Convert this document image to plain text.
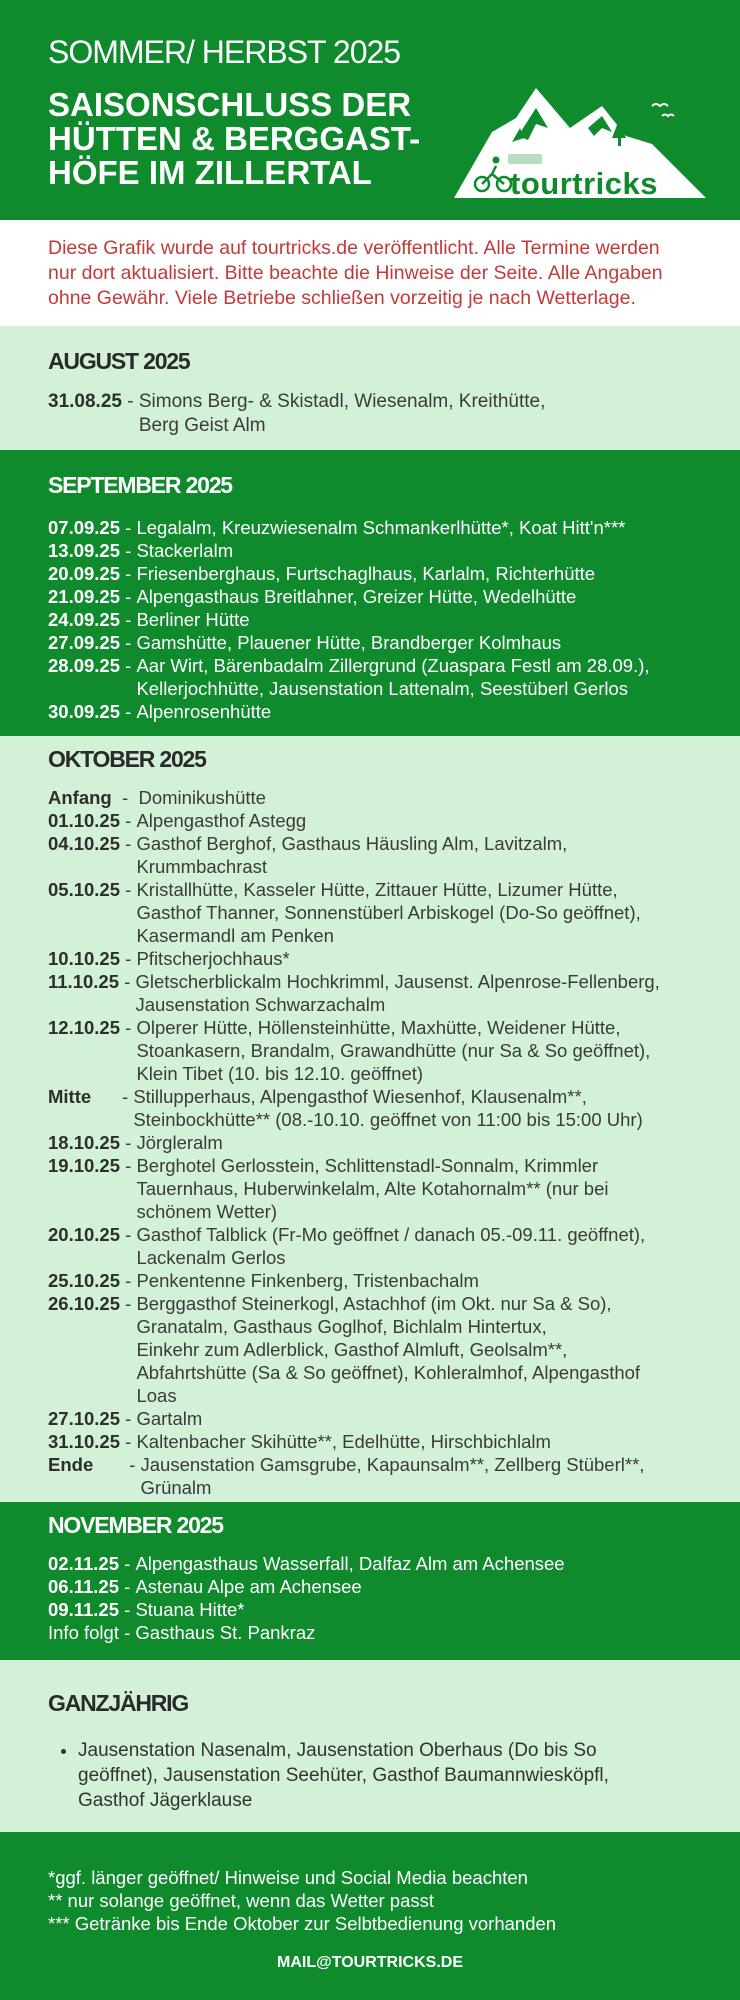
SOMMER/ HERBST 2025
SAISONSCHLUSS DER HÜTTEN & BERGGAST-HÖFE IM ZILLERTAL	tourtricks

Diese Grafik wurde auf tourtricks.de veröffentlicht. Alle Termine werden nur dort aktualisiert. Bitte beachte die Hinweise der Seite. Alle Angaben ohne Gewähr. Viele Betriebe schließen vorzeitig je nach Wetterlage.

AUGUST 2025
31.08.25 - Simons Berg- & Skistadl, Wiesenalm, Kreithütte,
Berg Geist Alm
SEPTEMBER 2025
07.09.25 - Legalalm, Kreuzwiesenalm Schmankerlhütte*, Koat Hitt'n***
13.09.25 - Stackerlalm
20.09.25 - Friesenberghaus, Furtschaglhaus, Karlalm, Richterhütte
21.09.25 - Alpengasthaus Breitlahner, Greizer Hütte, Wedelhütte
24.09.25 - Berliner Hütte
27.09.25 - Gamshütte, Plauener Hütte, Brandberger Kolmhaus
28.09.25 - Aar Wirt, Bärenbadalm Zillergrund (Zuaspara Festl am 28.09.),
Kellerjochhütte, Jausenstation Lattenalm, Seestüberl Gerlos
30.09.25 - Alpenrosenhütte
OKTOBER 2025
Anfang - Dominikushütte
01.10.25 - Alpengasthof Astegg
04.10.25 - Gasthof Berghof, Gasthaus Häusling Alm, Lavitzalm,
Krummbachrast
05.10.25 - Kristallhütte, Kasseler Hütte, Zittauer Hütte, Lizumer Hütte,
Gasthof Thanner, Sonnenstüberl Arbiskogel (Do-So geöffnet),
Kasermandl am Penken
10.10.25 - Pfitscherjochhaus*
11.10.25 - Gletscherblickalm Hochkrimml, Jausenst. Alpenrose-Fellenberg,
Jausenstation Schwarzachalm
12.10.25 - Olperer Hütte, Höllensteinhütte, Maxhütte, Weidener Hütte,
Stoankasern, Brandalm, Grawandhütte (nur Sa & So geöffnet),
Klein Tibet (10. bis 12.10. geöffnet)
Mitte - Stillupperhaus, Alpengasthof Wiesenhof, Klausenalm**,
Steinbockhütte** (08.-10.10. geöffnet von 11:00 bis 15:00 Uhr)
18.10.25 - Jörgleralm
19.10.25 - Berghotel Gerlosstein, Schlittenstadl-Sonnalm, Krimmler
Tauernhaus, Huberwinkelalm, Alte Kotahornalm** (nur bei
schönem Wetter)
20.10.25 - Gasthof Talblick (Fr-Mo geöffnet / danach 05.-09.11. geöffnet),
Lackenalm Gerlos
25.10.25 - Penkentenne Finkenberg, Tristenbachalm
26.10.25 - Berggasthof Steinerkogl, Astachhof (im Okt. nur Sa & So),
Granatalm, Gasthaus Goglhof, Bichlalm Hintertux,
Einkehr zum Adlerblick, Gasthof Almluft, Geolsalm**,
Abfahrtshütte (Sa & So geöffnet), Kohleralmhof, Alpengasthof
Loas
27.10.25 - Gartalm
31.10.25 - Kaltenbacher Skihütte**, Edelhütte, Hirschbichlalm
Ende - Jausenstation Gamsgrube, Kapaunsalm**, Zellberg Stüberl**,
Grünalm
NOVEMBER 2025
02.11.25 - Alpengasthaus Wasserfall, Dalfaz Alm am Achensee
06.11.25 - Astenau Alpe am Achensee
09.11.25 - Stuana Hitte*
Info folgt - Gasthaus St. Pankraz
GANZJÄHRIG
• Jausenstation Nasenalm, Jausenstation Oberhaus (Do bis So geöffnet), Jausenstation Seehüter, Gasthof Baumannwiesköpfl, Gasthof Jägerklause
*ggf. länger geöffnet/ Hinweise und Social Media beachten
** nur solange geöffnet, wenn das Wetter passt
*** Getränke bis Ende Oktober zur Selbtbedienung vorhanden
MAIL@TOURTRICKS.DE
